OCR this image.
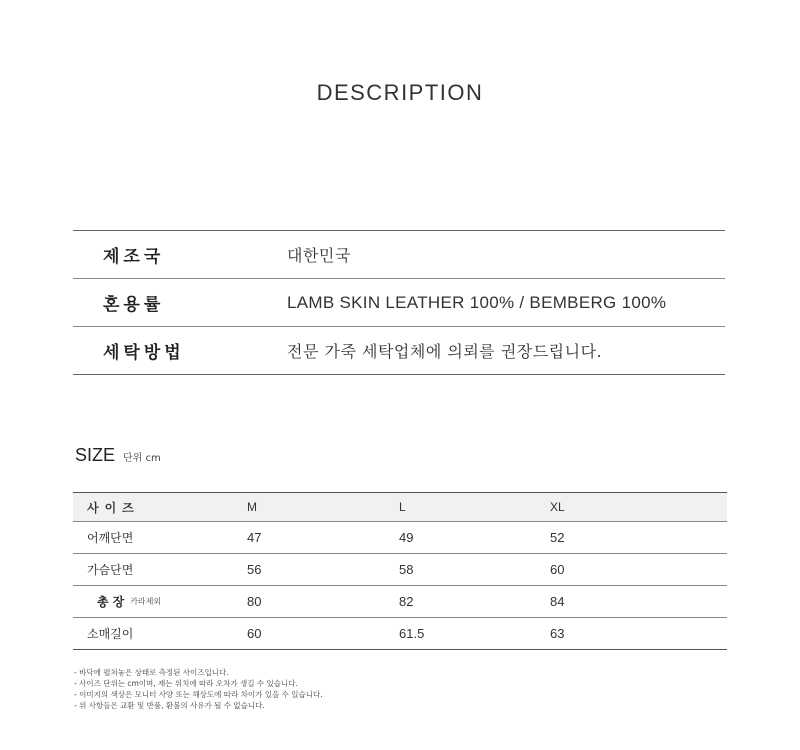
DESCRIPTION
제조국	대한민국
혼용률	LAMB SKIN LEATHER 100% / BEMBERG 100%
세탁방법	전문 가죽 세탁업체에 의뢰를 권장드립니다.
SIZE 단위 cm
사이즈	M	L	XL
어깨단면	47	49	52
가슴단면	56	58	60
총장 카라제외	80	82	84
소매길이	60	61.5	63
- 바닥에 펼쳐놓은 상태로 측정된 사이즈입니다.
- 사이즈 단위는 cm이며, 재는 위치에 따라 오차가 생길 수 있습니다.
- 이미지의 색상은 모니터 사양 또는 해상도에 따라 차이가 있을 수 있습니다.
- 위 사항들은 교환 및 반품, 환불의 사유가 될 수 없습니다.
